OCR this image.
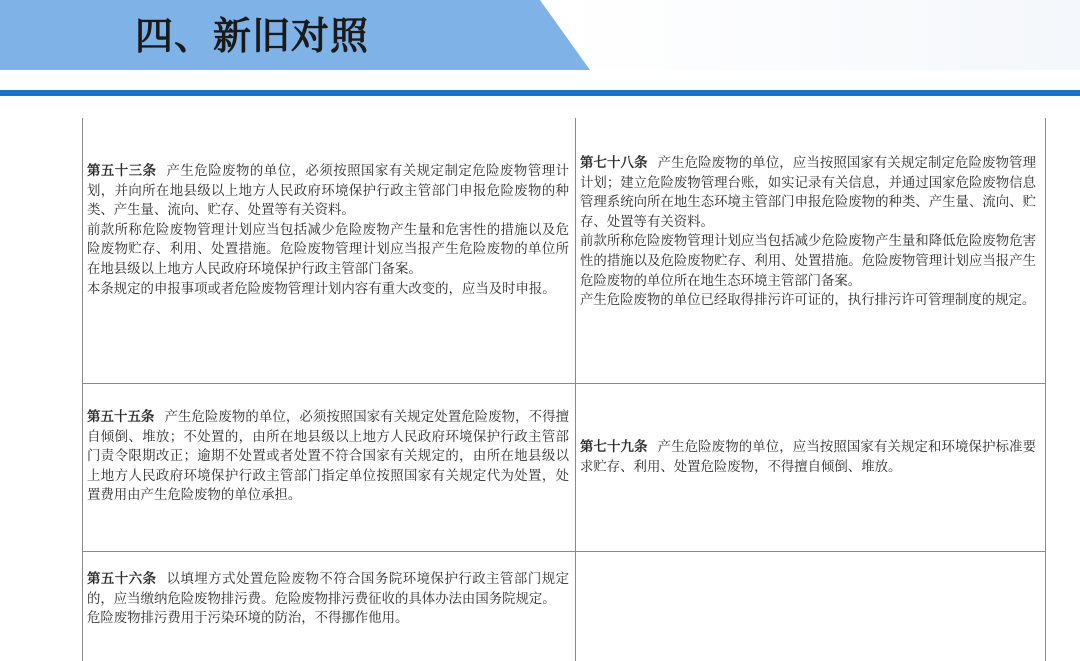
四、新旧对照

第五十三条 产生危险废物的单位，必须按照国家有关规定制定危险废物管理计划，并向所在地县级以上地方人民政府环境保护行政主管部门申报危险废物的种类、产生量、流向、贮存、处置等有关资料。

前款所称危险废物管理计划应当包括减少危险废物产生量和危害性的措施以及危险废物贮存、利用、处置措施。危险废物管理计划应当报产生危险废物的单位所在地县级以上地方人民政府环境保护行政主管部门备案。

本条规定的申报事项或者危险废物管理计划内容有重大改变的，应当及时申报。

第七十八条 产生危险废物的单位，应当按照国家有关规定制定危险废物管理计划；建立危险废物管理台账，如实记录有关信息，并通过国家危险废物信息管理系统向所在地生态环境主管部门申报危险废物的种类、产生量、流向、贮存、处置等有关资料。

前款所称危险废物管理计划应当包括减少危险废物产生量和降低危险废物危害性的措施以及危险废物贮存、利用、处置措施。危险废物管理计划应当报产生危险废物的单位所在地生态环境主管部门备案。

产生危险废物的单位已经取得排污许可证的，执行排污许可管理制度的规定。

第五十五条 产生危险废物的单位，必须按照国家有关规定处置危险废物，不得擅自倾倒、堆放；不处置的，由所在地县级以上地方人民政府环境保护行政主管部门责令限期改正；逾期不处置或者处置不符合国家有关规定的，由所在地县级以上地方人民政府环境保护行政主管部门指定单位按照国家有关规定代为处置，处置费用由产生危险废物的单位承担。

第七十九条 产生危险废物的单位，应当按照国家有关规定和环境保护标准要求贮存、利用、处置危险废物，不得擅自倾倒、堆放。

第五十六条 以填埋方式处置危险废物不符合国务院环境保护行政主管部门规定的，应当缴纳危险废物排污费。危险废物排污费征收的具体办法由国务院规定。

危险废物排污费用于污染环境的防治，不得挪作他用。
